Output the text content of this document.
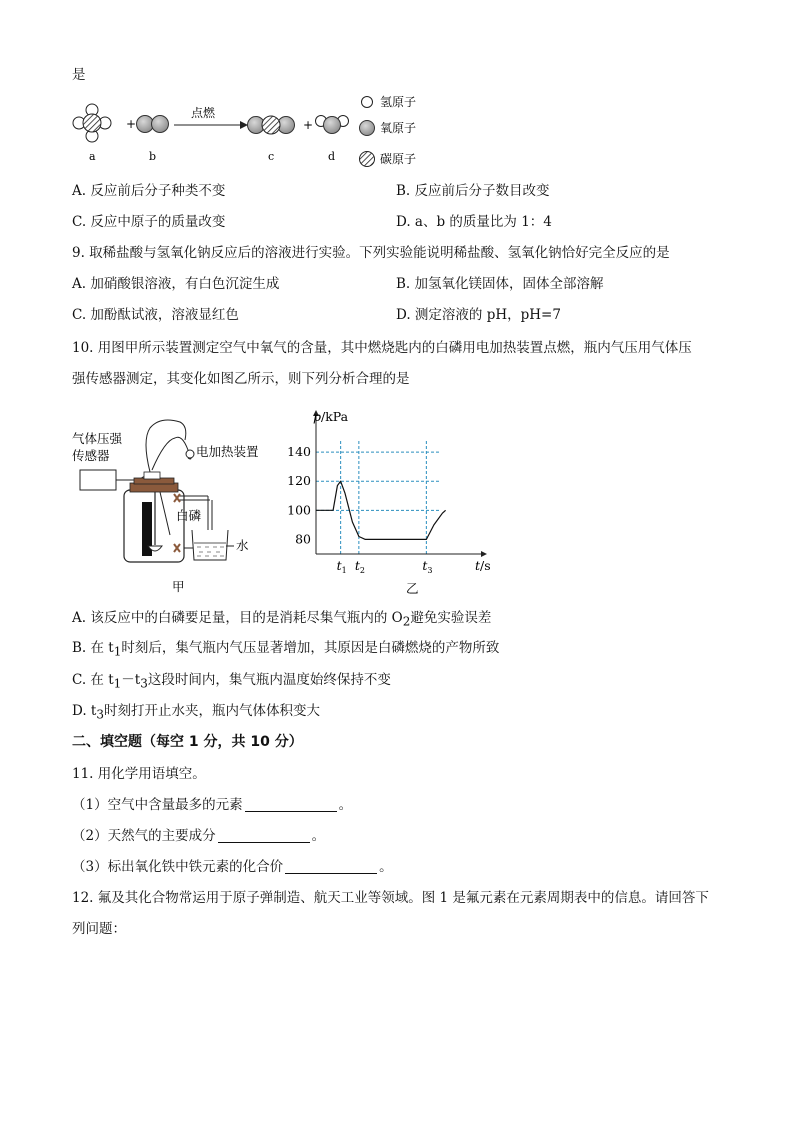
是
+
点燃
+
a	b	c	d
氢原子
氧原子
碳原子
A. 反应前后分子种类不变	B. 反应前后分子数目改变
C. 反应中原子的质量改变	D. a、b 的质量比为 1：4
9. 取稀盐酸与氢氧化钠反应后的溶液进行实验。下列实验能说明稀盐酸、氢氧化钠恰好完全反应的是
A. 加硝酸银溶液，有白色沉淀生成	B. 加氢氧化镁固体，固体全部溶解
C. 加酚酞试液，溶液显红色	D. 测定溶液的 pH，pH=7
10. 用图甲所示装置测定空气中氧气的含量，其中燃烧匙内的白磷用电加热装置点燃，瓶内气压用气体压
强传感器测定，其变化如图乙所示，则下列分析合理的是
气体压强
传感器	电加热装置
白磷
水
甲
p/kPa
t/s
80
100
120
140
$t_1$ $t_2$	$t_3$
乙
A. 该反应中的白磷要足量，目的是消耗尽集气瓶内的 $O_2$避免实验误差
B. 在 $t_1$时刻后，集气瓶内气压显著增加，其原因是白磷燃烧的产物所致
C. 在 $t_1-t_3$这段时间内，集气瓶内温度始终保持不变
D. $t_3$时刻打开止水夹，瓶内气体体积变大
二、填空题（每空 1 分，共 10 分）
11. 用化学用语填空。
（1）空气中含量最多的元素	。
（2）天然气的主要成分	。
（3）标出氧化铁中铁元素的化合价	。
12. 氟及其化合物常运用于原子弹制造、航天工业等领域。图 1 是氟元素在元素周期表中的信息。请回答下
列问题：
